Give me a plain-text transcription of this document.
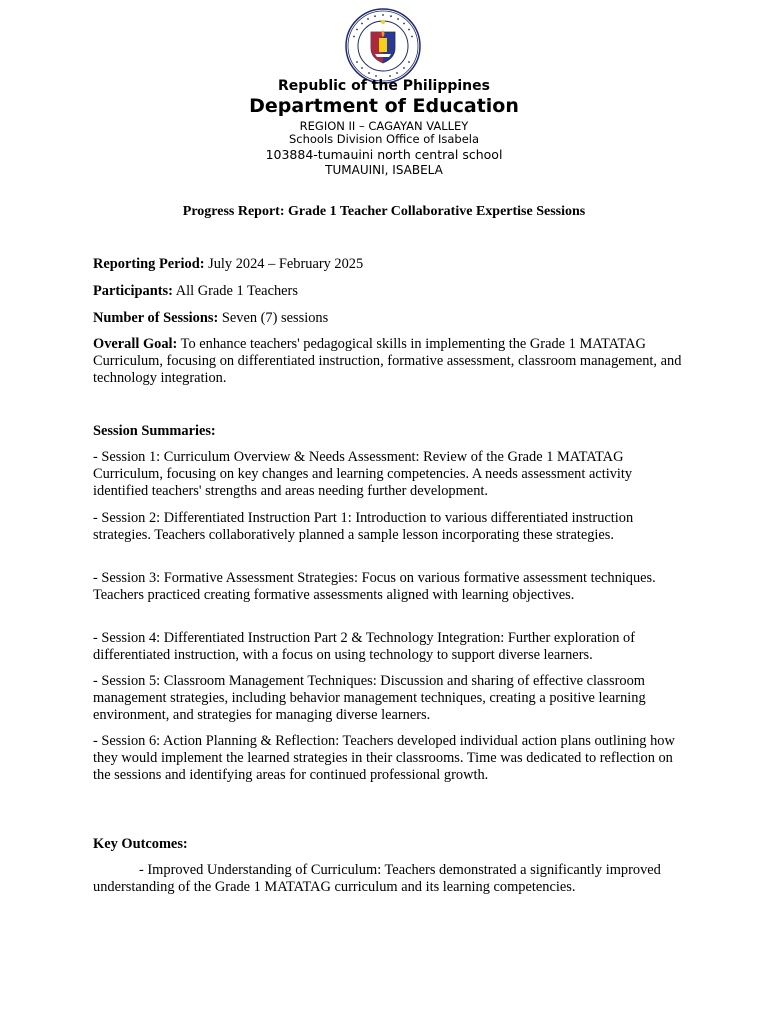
Republic of the Philippines
Department of Education
REGION II – CAGAYAN VALLEY
Schools Division Office of Isabela
103884-tumauini north central school
TUMAUINI, ISABELA
Progress Report: Grade 1 Teacher Collaborative Expertise Sessions

Reporting Period: July 2024 – February 2025

Participants: All Grade 1 Teachers

Number of Sessions: Seven (7) sessions

Overall Goal: To enhance teachers' pedagogical skills in implementing the Grade 1 MATATAG Curriculum, focusing on differentiated instruction, formative assessment, classroom management, and technology integration.

Session Summaries:

- Session 1: Curriculum Overview & Needs Assessment: Review of the Grade 1 MATATAG Curriculum, focusing on key changes and learning competencies. A needs assessment activity identified teachers' strengths and areas needing further development.

- Session 2: Differentiated Instruction Part 1: Introduction to various differentiated instruction strategies. Teachers collaboratively planned a sample lesson incorporating these strategies.

- Session 3: Formative Assessment Strategies: Focus on various formative assessment techniques. Teachers practiced creating formative assessments aligned with learning objectives.

- Session 4: Differentiated Instruction Part 2 & Technology Integration: Further exploration of differentiated instruction, with a focus on using technology to support diverse learners.

- Session 5: Classroom Management Techniques: Discussion and sharing of effective classroom management strategies, including behavior management techniques, creating a positive learning environment, and strategies for managing diverse learners.

- Session 6: Action Planning & Reflection: Teachers developed individual action plans outlining how they would implement the learned strategies in their classrooms. Time was dedicated to reflection on the sessions and identifying areas for continued professional growth.

Key Outcomes:

- Improved Understanding of Curriculum: Teachers demonstrated a significantly improved understanding of the Grade 1 MATATAG curriculum and its learning competencies.
